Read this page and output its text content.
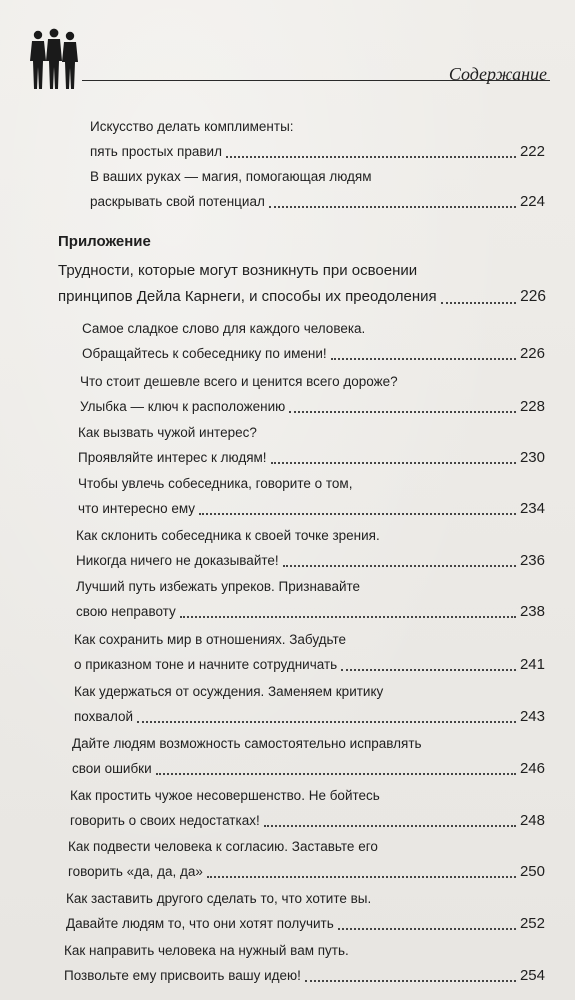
Содержание
Искусство делать комплименты:
пять простых правил	222
В ваших руках — магия, помогающая людям
раскрывать свой потенциал	224
Приложение
Трудности, которые могут возникнуть при освоении
принципов Дейла Карнеги, и способы их преодоления	226
Самое сладкое слово для каждого человека.
Обращайтесь к собеседнику по имени!	226
Что стоит дешевле всего и ценится всего дороже?
Улыбка — ключ к расположению	228
Как вызвать чужой интерес?
Проявляйте интерес к людям!	230
Чтобы увлечь собеседника, говорите о том,
что интересно ему	234
Как склонить собеседника к своей точке зрения.
Никогда ничего не доказывайте!	236
Лучший путь избежать упреков. Признавайте
свою неправоту	238
Как сохранить мир в отношениях. Забудьте
о приказном тоне и начните сотрудничать	241
Как удержаться от осуждения. Заменяем критику
похвалой	243
Дайте людям возможность самостоятельно исправлять
свои ошибки	246
Как простить чужое несовершенство. Не бойтесь
говорить о своих недостатках!	248
Как подвести человека к согласию. Заставьте его
говорить «да, да, да»	250
Как заставить другого сделать то, что хотите вы.
Давайте людям то, что они хотят получить	252
Как направить человека на нужный вам путь.
Позвольте ему присвоить вашу идею!	254
